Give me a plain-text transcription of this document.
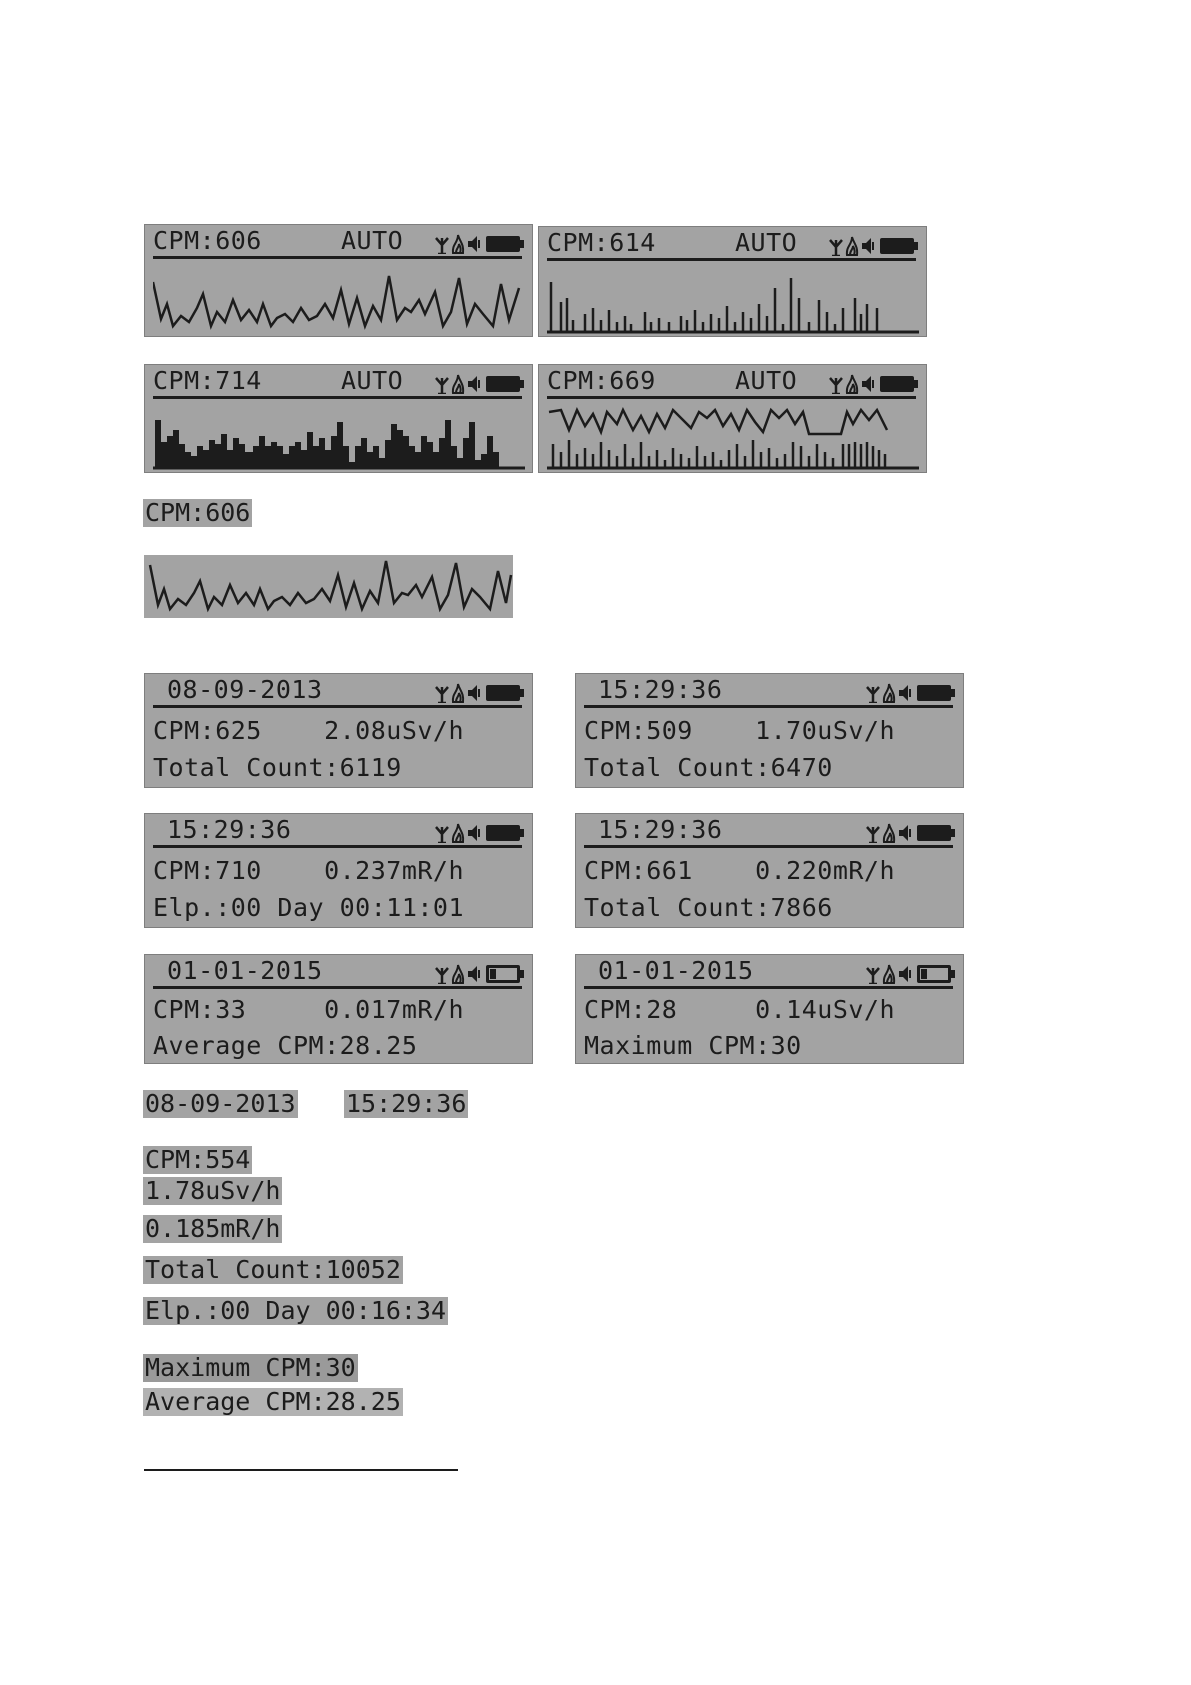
CPM:606	AUTO	CPM:614	AUTO
CPM:714	AUTO	CPM:669	AUTO
CPM:606
08-09-2013
CPM:625    2.08uSv/h
Total Count:6119
15:29:36
CPM:509    1.70uSv/h
Total Count:6470
15:29:36
CPM:710    0.237mR/h
Elp.:00 Day 00:11:01
15:29:36
CPM:661    0.220mR/h
Total Count:7866
01-01-2015
CPM:33     0.017mR/h
Average CPM:28.25
01-01-2015
CPM:28     0.14uSv/h
Maximum CPM:30
08-09-2013 15:29:36
CPM:554
1.78uSv/h
0.185mR/h
Total Count:10052
Elp.:00 Day 00:16:34
Maximum CPM:30
Average CPM:28.25
